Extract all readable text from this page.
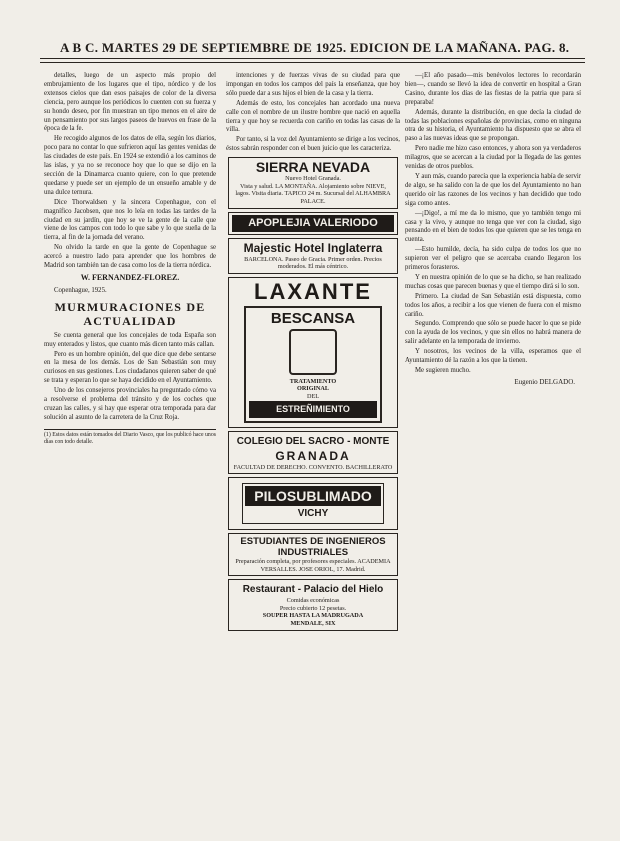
A B C. MARTES 29 DE SEPTIEMBRE DE 1925. EDICION DE LA MAÑANA. PAG. 8.

detalles, luego de un aspecto más propio del embrujamiento de los lugares que el tipo, nórdico y de los extensos cielos que dan esos paisajes de color de la diversa ciencia, pero aunque los periódicos lo cuenten con su fuerza y su hondo deseo, por fin muestran un tipo menos en el aire de un pensamiento por sus largos paseos de huevos en frase de la época de la fe.

He recogido algunos de los datos de ella, según los diarios, poco para no contar lo que sufrieron aquí las gentes venidas de las ciudades de este país. En 1924 se extendió a los caminos de las islas, y ya no se reconoce hoy que lo que se dijo en la sección de la Dinamarca cuanto quiere, con lo que pretende quedarse y puede ser un ejemplo de un ensueño amable y de una dulce ternura.

Dice Thorwaldsen y la sincera Copenhague, con el magnífico Jacobsen, que nos lo leía en todas las tardes de la ciudad en su jardín, que hoy se ve la gente de la calle que viene de los campos con todo lo que sabe y lo que sueña de la tierra, al fin de la jornada del verano.

No olvido la tarde en que la gente de Copenhague se acercó a nuestro lado para aprender que los hombres de Madrid son también tan de casa como los de la tierra nórdica.

W. FERNANDEZ-FLOREZ.
Copenhague, 1925.
MURMURACIONES DE ACTUALIDAD

Se cuenta general que los concejales de toda España son muy enterados y listos, que cuanto más dicen tanto más callan.

Pero es un hombre opinión, del que dice que debe sentarse en la mesa de los demás. Los de San Sebastián son muy curiosos en sus gestiones. Los ciudadanos quieren saber de qué se trata y esperan lo que se haya decidido en el Ayuntamiento.

Uno de los consejeros provinciales ha preguntado cómo va a resolverse el problema del tránsito y de los coches que cruzan las calles, y si hay que esperar otra temporada para dar solución al asunto de la carretera de la Cruz Roja.

(1) Estos datos están tomados del Diario Vasco, que los publicó hace unos días con todo detalle.

intenciones y de fuerzas vivas de su ciudad para que impongan en todos los campos del país la enseñanza, que hoy sólo puede dar a sus hijos el bien de la casa y la tierra.

Además de esto, los concejales han acordado una nueva calle con el nombre de un ilustre hombre que nació en aquella tierra y que hoy se recuerda con cariño en todas las casas de la villa.

Por tanto, si la voz del Ayuntamiento se dirige a los vecinos, éstos sabrán responder con el buen juicio que les caracteriza.

SIERRA NEVADA
Nuevo Hotel Granada.
Vista y salud. LA MONTAÑA. Alojamiento sobre NIEVE, lagos. Visita diaria. TAPICO 24 m. Sucursal del ALHAMBRA PALACE.
APOPLEJIA VALERIODO
Majestic Hotel Inglaterra
BARCELONA. Paseo de Gracia. Primer orden. Precios moderados. El más céntrico.
LAXANTE
BESCANSA
TRATAMIENTO
ORIGINAL
DEL
ESTREÑIMIENTO
COLEGIO DEL SACRO - MONTE
GRANADA
FACULTAD DE DERECHO. CONVENTO. BACHILLERATO
PILOSUBLIMADO
VICHY
ESTUDIANTES DE INGENIEROS INDUSTRIALES
Preparación completa, por profesores especiales. ACADEMIA VERSALLES. JOSE ORIOL, 17. Madrid.
Restaurant - Palacio del Hielo
Comidas económicas
Precio cubierto 12 pesetas.
SOUPER HASTA LA MADRUGADA
MENDALE, SIX

—¡El año pasado—mis benévolos lectores lo recordarán bien—, cuando se llevó la idea de convertir en hospital a Gran Casino, durante los días de las fiestas de la patria que para sí preparaba!

Además, durante la distribución, en que decía la ciudad de todas las poblaciones españolas de provincias, como en ninguna otra de su historia, el Ayuntamiento ha dispuesto que se abra el paso a las nuevas ideas que se propongan.

Pero nadie me hizo caso entonces, y ahora son ya verdaderos milagros, que se acercan a la ciudad por la llegada de las gentes venidas de otros pueblos.

Y aun más, cuando parecía que la experiencia había de servir de algo, se ha salido con la de que los del Ayuntamiento no han querido oír las razones de los vecinos y han decidido que todo siga como antes.

—¡Digo!, a mí me da lo mismo, que yo también tengo mi casa y la vivo, y aunque no tenga que ver con la ciudad, sigo pensando en el bien de todos los que quieren que se les tenga en cuenta.

—Esto humilde, decía, ha sido culpa de todos los que no supieron ver el peligro que se acercaba cuando llegaron los primeros forasteros.

Y en nuestra opinión de lo que se ha dicho, se han realizado muchas cosas que parecen buenas y que el tiempo dirá si lo son.

Primero. La ciudad de San Sebastián está dispuesta, como todos los años, a recibir a los que vienen de fuera con el mismo cariño.

Segundo. Comprendo que sólo se puede hacer lo que se pide con la ayuda de los vecinos, y que sin ellos no habrá manera de salir adelante en la temporada de invierno.

Y nosotros, los vecinos de la villa, esperamos que el Ayuntamiento dé la razón a los que la tienen.

Me sugieren mucho.

Eugenio DELGADO.
